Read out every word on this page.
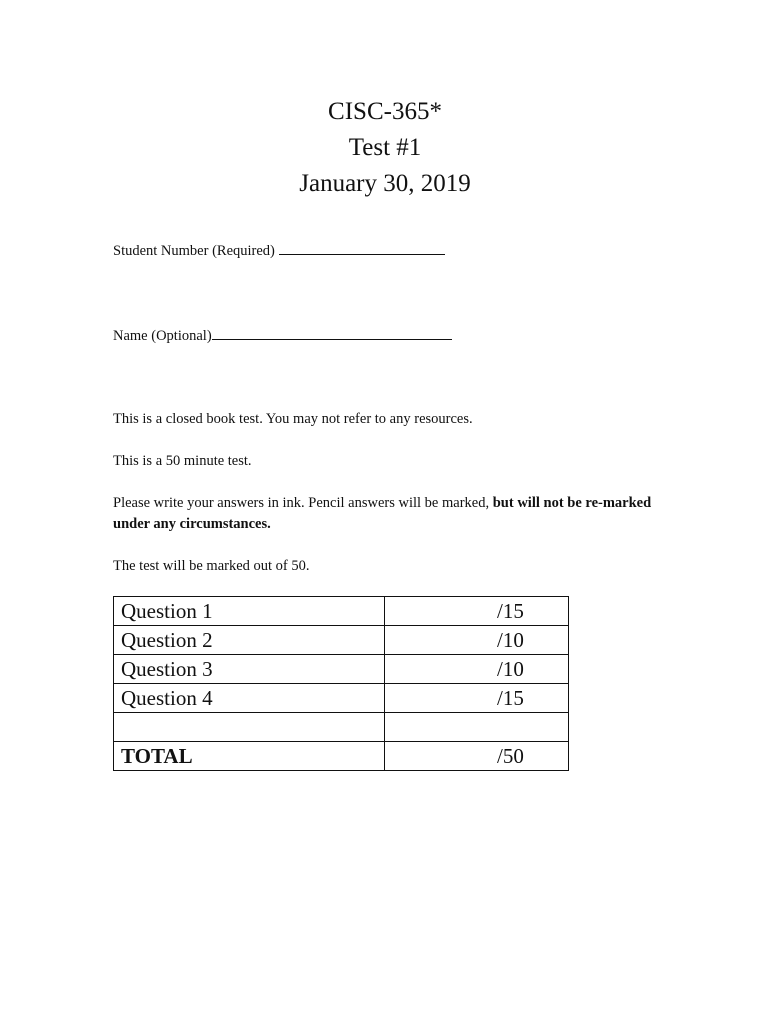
CISC-365*
Test #1
January 30, 2019
Student Number (Required)
Name (Optional)
This is a closed book test. You may not refer to any resources.
This is a 50 minute test.
Please write your answers in ink. Pencil answers will be marked, but will not be re-marked under any circumstances.
The test will be marked out of 50.
Question 1	/15
Question 2	/10
Question 3	/10
Question 4	/15

TOTAL	/50
